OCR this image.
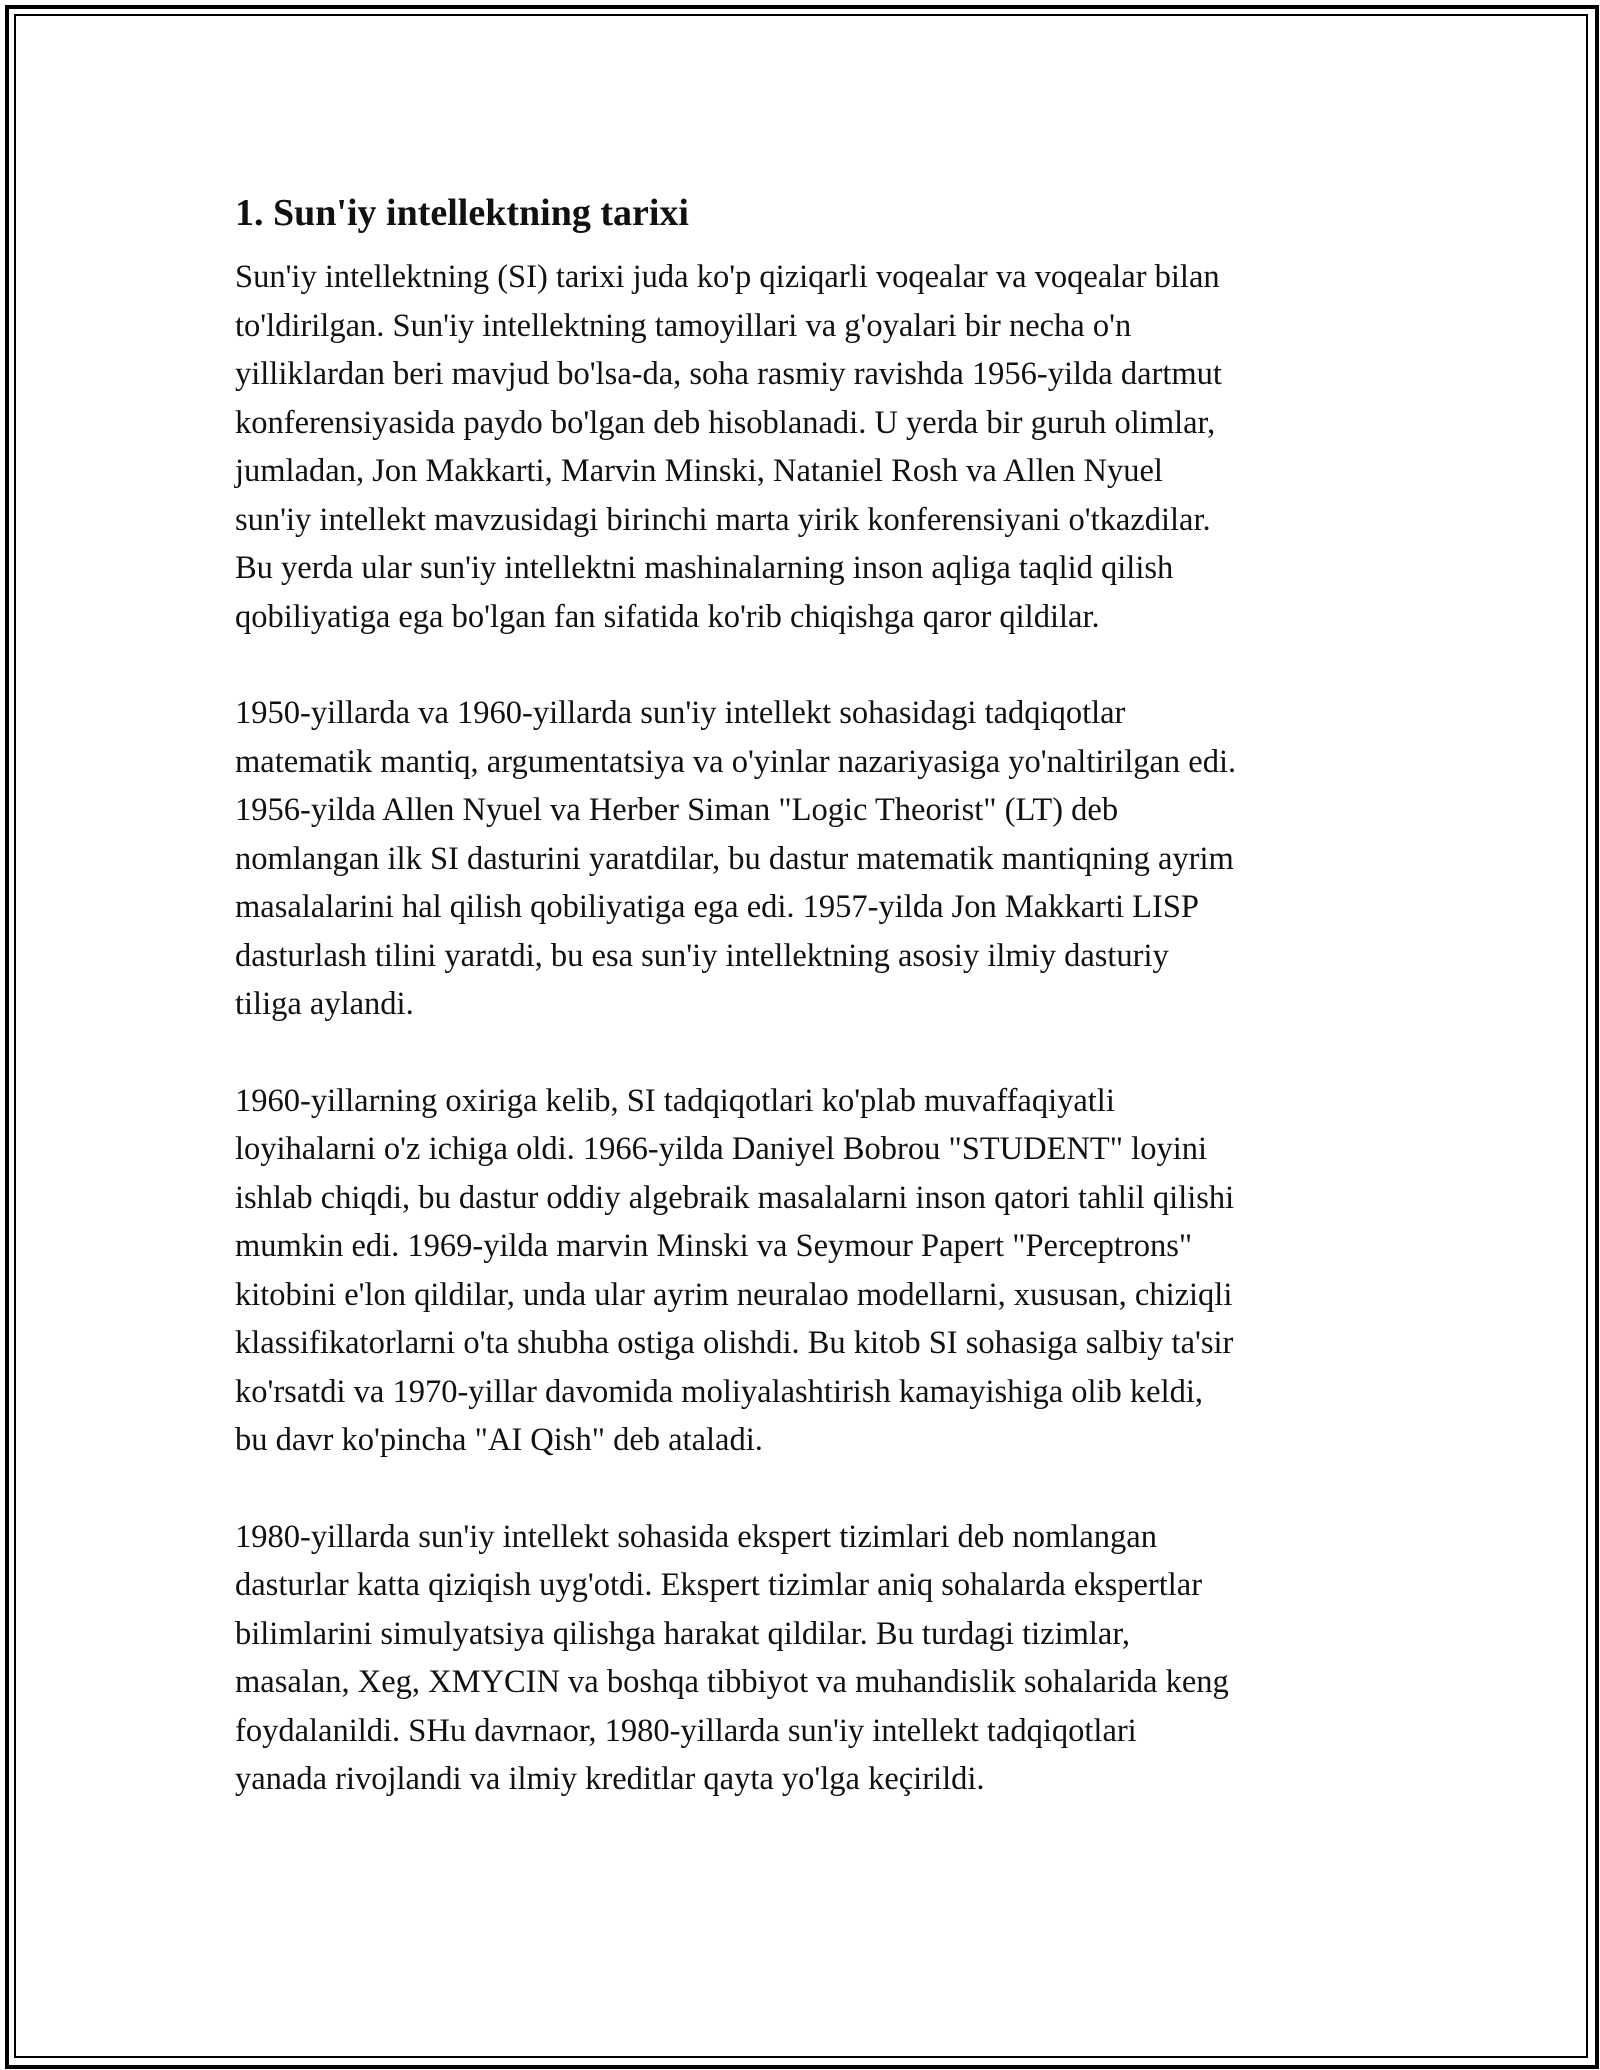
1. Sun'iy intellektning tarixi
Sun'iy intellektning (SI) tarixi juda ko'p qiziqarli voqealar va voqealar bilan
to'ldirilgan. Sun'iy intellektning tamoyillari va g'oyalari bir necha o'n
yilliklardan beri mavjud bo'lsa-da, soha rasmiy ravishda 1956-yilda dartmut
konferensiyasida paydo bo'lgan deb hisoblanadi. U yerda bir guruh olimlar,
jumladan, Jon Makkarti, Marvin Minski, Nataniel Rosh va Allen Nyuel
sun'iy intellekt mavzusidagi birinchi marta yirik konferensiyani o'tkazdilar.
Bu yerda ular sun'iy intellektni mashinalarning inson aqliga taqlid qilish
qobiliyatiga ega bo'lgan fan sifatida ko'rib chiqishga qaror qildilar.
1950-yillarda va 1960-yillarda sun'iy intellekt sohasidagi tadqiqotlar
matematik mantiq, argumentatsiya va o'yinlar nazariyasiga yo'naltirilgan edi.
1956-yilda Allen Nyuel va Herber Siman "Logic Theorist" (LT) deb
nomlangan ilk SI dasturini yaratdilar, bu dastur matematik mantiqning ayrim
masalalarini hal qilish qobiliyatiga ega edi. 1957-yilda Jon Makkarti LISP
dasturlash tilini yaratdi, bu esa sun'iy intellektning asosiy ilmiy dasturiy
tiliga aylandi.
1960-yillarning oxiriga kelib, SI tadqiqotlari ko'plab muvaffaqiyatli
loyihalarni o'z ichiga oldi. 1966-yilda Daniyel Bobrou "STUDENT" loyini
ishlab chiqdi, bu dastur oddiy algebraik masalalarni inson qatori tahlil qilishi
mumkin edi. 1969-yilda marvin Minski va Seymour Papert "Perceptrons"
kitobini e'lon qildilar, unda ular ayrim neuralao modellarni, xususan, chiziqli
klassifikatorlarni o'ta shubha ostiga olishdi. Bu kitob SI sohasiga salbiy ta'sir
ko'rsatdi va 1970-yillar davomida moliyalashtirish kamayishiga olib keldi,
bu davr ko'pincha "AI Qish" deb ataladi.
1980-yillarda sun'iy intellekt sohasida ekspert tizimlari deb nomlangan
dasturlar katta qiziqish uyg'otdi. Ekspert tizimlar aniq sohalarda ekspertlar
bilimlarini simulyatsiya qilishga harakat qildilar. Bu turdagi tizimlar,
masalan, Xeg, XMYCIN va boshqa tibbiyot va muhandislik sohalarida keng
foydalanildi. SHu davrnaor, 1980-yillarda sun'iy intellekt tadqiqotlari
yanada rivojlandi va ilmiy kreditlar qayta yo'lga keçirildi.
